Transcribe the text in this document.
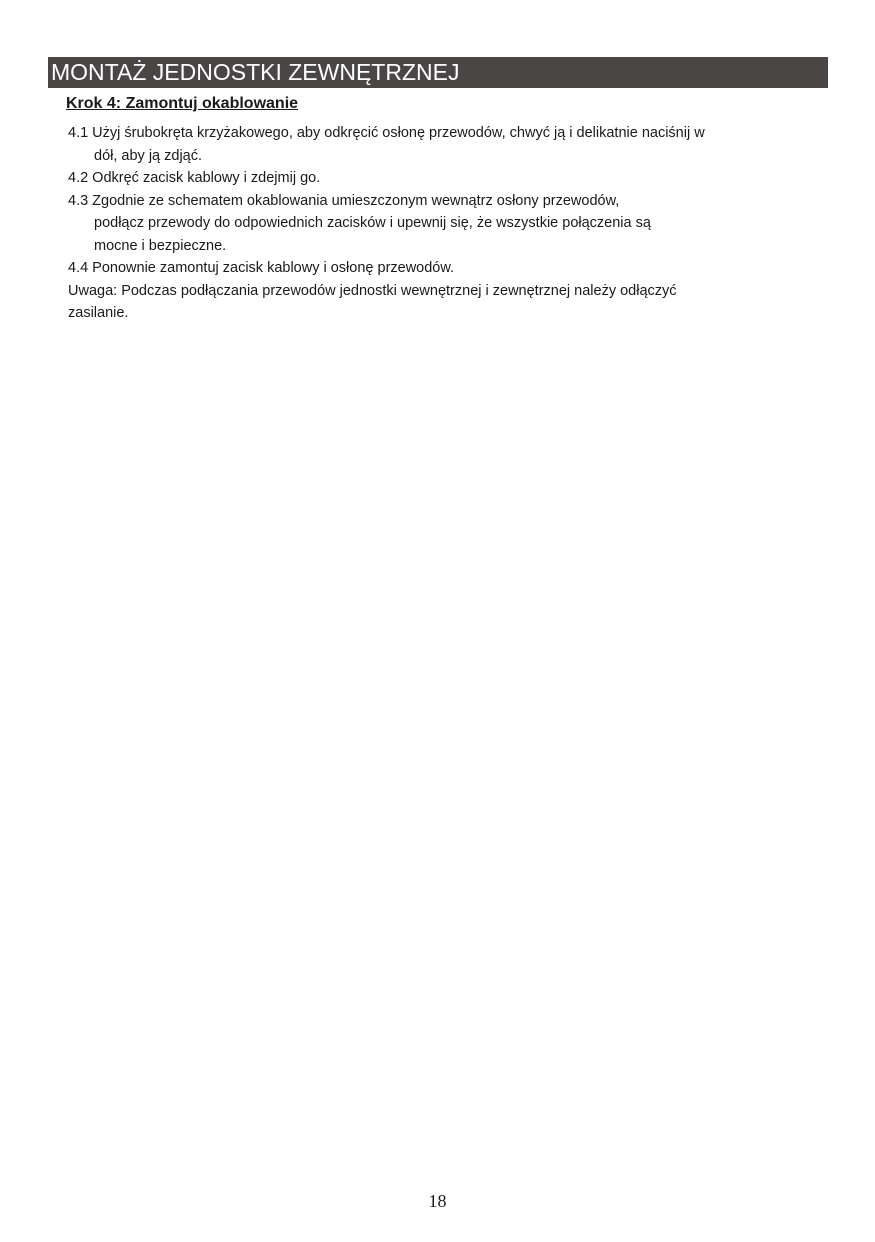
MONTAŻ JEDNOSTKI ZEWNĘTRZNEJ
Krok 4: Zamontuj okablowanie
4.1 Użyj śrubokręta krzyżakowego, aby odkręcić osłonę przewodów, chwyć ją i delikatnie naciśnij w
dół, aby ją zdjąć.
4.2 Odkręć zacisk kablowy i zdejmij go.
4.3 Zgodnie ze schematem okablowania umieszczonym wewnątrz osłony przewodów,
podłącz przewody do odpowiednich zacisków i upewnij się, że wszystkie połączenia są
mocne i bezpieczne.
4.4 Ponownie zamontuj zacisk kablowy i osłonę przewodów.
Uwaga: Podczas podłączania przewodów jednostki wewnętrznej i zewnętrznej należy odłączyć
zasilanie.
18
